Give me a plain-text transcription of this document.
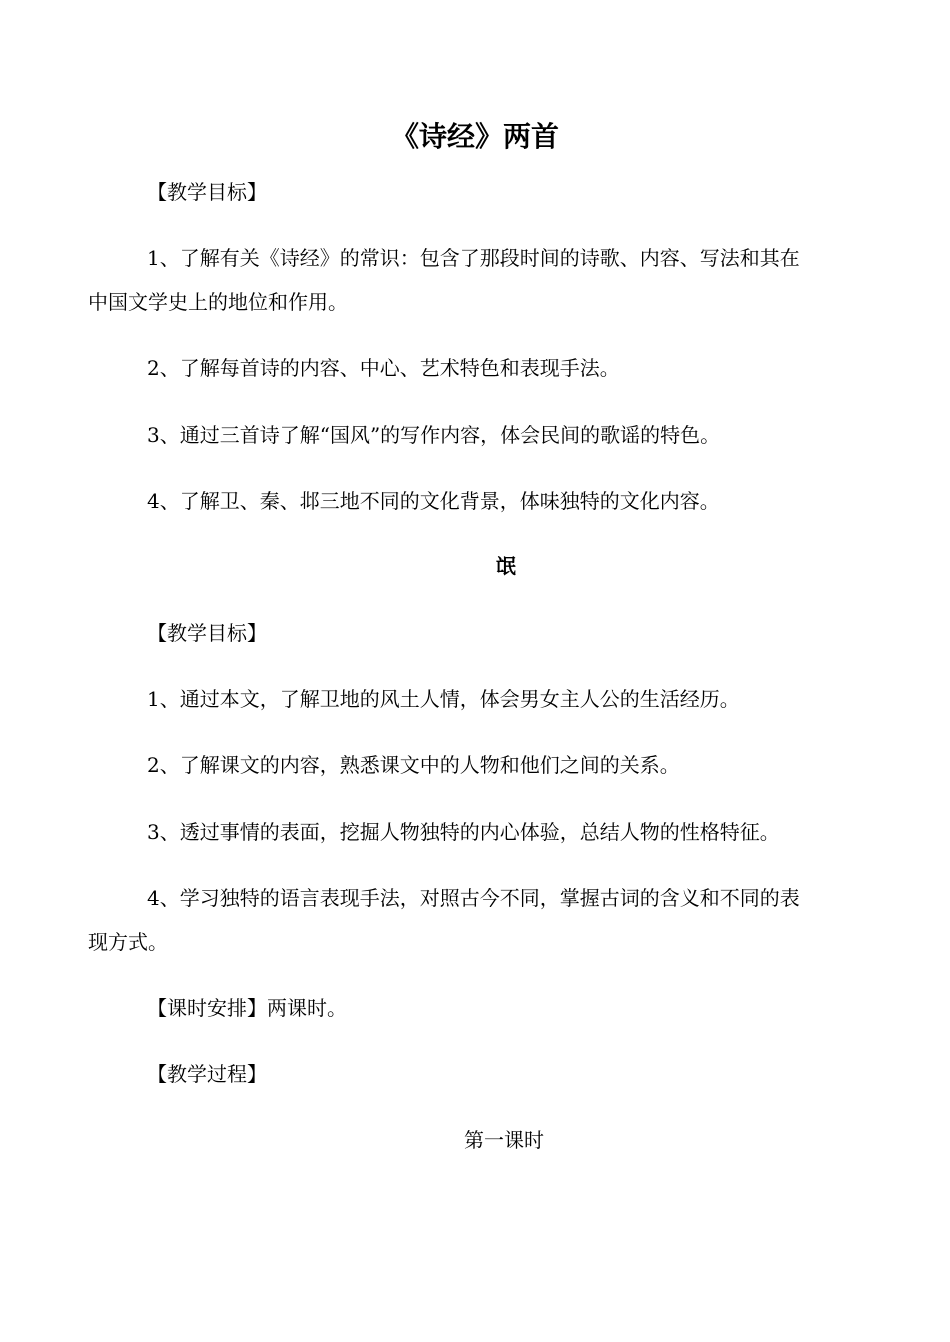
《诗经》两首
【教学目标】
1、了解有关《诗经》的常识：包含了那段时间的诗歌、内容、写法和其在
中国文学史上的地位和作用。
2、了解每首诗的内容、中心、艺术特色和表现手法。
3、通过三首诗了解“国风”的写作内容，体会民间的歌谣的特色。
4、了解卫、秦、邶三地不同的文化背景，体味独特的文化内容。
氓
【教学目标】
1、通过本文，了解卫地的风土人情，体会男女主人公的生活经历。
2、了解课文的内容，熟悉课文中的人物和他们之间的关系。
3、透过事情的表面，挖掘人物独特的内心体验，总结人物的性格特征。
4、学习独特的语言表现手法，对照古今不同，掌握古词的含义和不同的表
现方式。
【课时安排】两课时。
【教学过程】
第一课时
